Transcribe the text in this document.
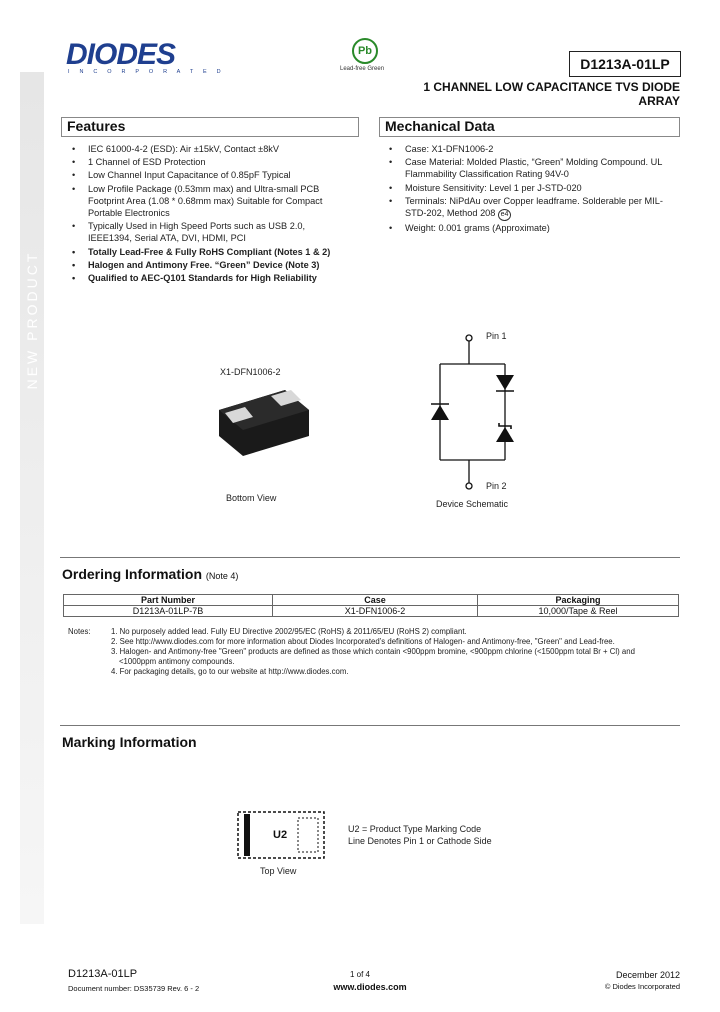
NEW PRODUCT
DIODES
I N C O R P O R A T E D
Pb
Lead-free Green	D1213A-01LP
1 CHANNEL LOW CAPACITANCE TVS DIODE ARRAY
Features
• IEC 61000-4-2 (ESD): Air ±15kV, Contact ±8kV
• 1 Channel of ESD Protection
• Low Channel Input Capacitance of 0.85pF Typical
• Low Profile Package (0.53mm max) and Ultra-small PCB Footprint Area (1.08 * 0.68mm max) Suitable for Compact Portable Electronics
• Typically Used in High Speed Ports such as USB 2.0, IEEE1394, Serial ATA, DVI, HDMI, PCI
• Totally Lead-Free & Fully RoHS Compliant (Notes 1 & 2)
• Halogen and Antimony Free. “Green” Device (Note 3)
• Qualified to AEC-Q101 Standards for High Reliability
Mechanical Data
• Case: X1-DFN1006-2
• Case Material: Molded Plastic, “Green” Molding Compound. UL Flammability Classification Rating 94V-0
• Moisture Sensitivity: Level 1 per J-STD-020
• Terminals: NiPdAu over Copper leadframe. Solderable per MIL-STD-202, Method 208 e4
• Weight: 0.001 grams (Approximate)
X1-DFN1006-2
Bottom View
Pin 1
Pin 2
Device Schematic
Ordering Information (Note 4)
Part Number	Case	Packaging
D1213A-01LP-7B	X1-DFN1006-2	10,000/Tape & Reel
Notes:	1. No purposely added lead. Fully EU Directive 2002/95/EC (RoHS) & 2011/65/EU (RoHS 2) compliant.
2. See http://www.diodes.com for more information about Diodes Incorporated’s definitions of Halogen- and Antimony-free, "Green" and Lead-free.
3. Halogen- and Antimony-free "Green" products are defined as those which contain <900ppm bromine, <900ppm chlorine (<1500ppm total Br + Cl) and
<1000ppm antimony compounds.
4. For packaging details, go to our website at http://www.diodes.com.
Marking Information
U2	U2 = Product Type Marking Code
Line Denotes Pin 1 or Cathode Side
Top View
D1213A-01LP
Document number: DS35739 Rev. 6 - 2
1 of 4
www.diodes.com
December 2012
© Diodes Incorporated
